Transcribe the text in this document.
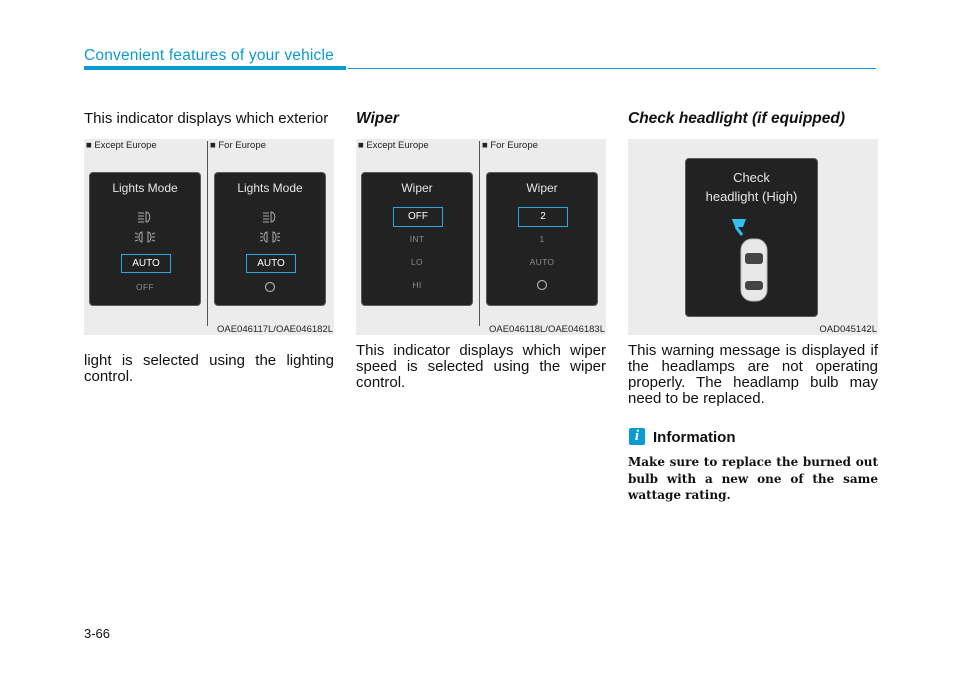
Convenient features of your vehicle
This indicator displays which exterior
■ Except Europe	■ For Europe
Lights Mode
AUTO
OFF
Lights Mode
AUTO
OAE046117L/OAE046182L
light is selected using the lighting control.
Wiper
■ Except Europe	■ For Europe
Wiper
OFF
INT
LO
HI
Wiper
2
1
AUTO
OAE046118L/OAE046183L
This indicator displays which wiper speed is selected using the wiper control.
Check headlight (if equipped)
Check
headlight (High)
OAD045142L
This warning message is displayed if the headlamps are not operating properly. The headlamp bulb may need to be replaced.
i Information
Make sure to replace the burned out bulb with a new one of the same wattage rating.
3-66
